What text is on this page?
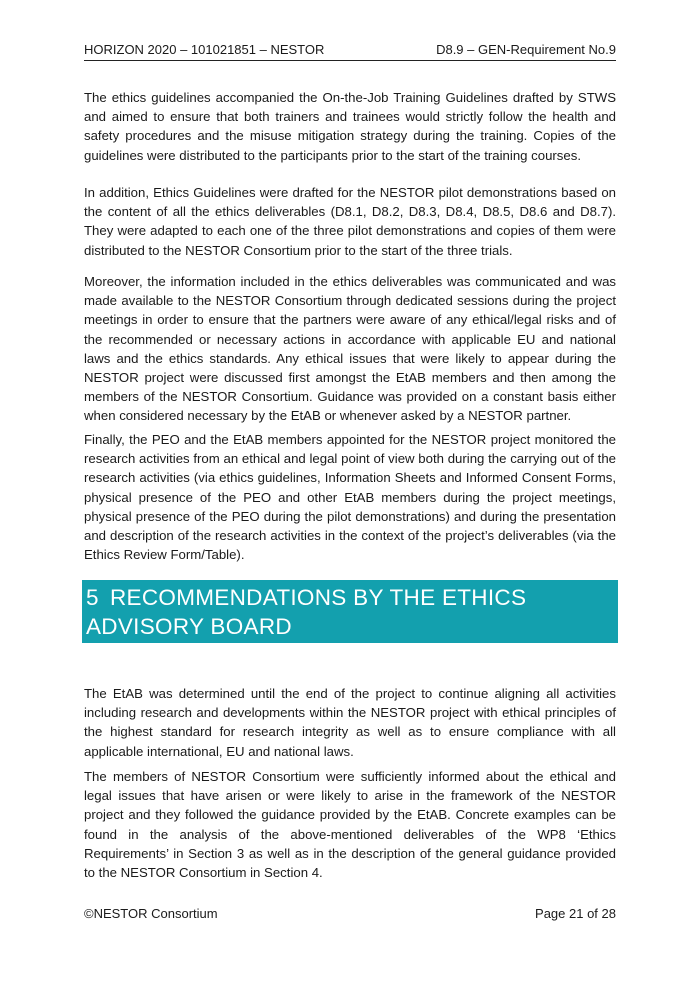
HORIZON 2020 – 101021851 – NESTOR	D8.9 – GEN-Requirement No.9

The ethics guidelines accompanied the On-the-Job Training Guidelines drafted by STWS and aimed to ensure that both trainers and trainees would strictly follow the health and safety procedures and the misuse mitigation strategy during the training. Copies of the guidelines were distributed to the participants prior to the start of the training courses.

In addition, Ethics Guidelines were drafted for the NESTOR pilot demonstrations based on the content of all the ethics deliverables (D8.1, D8.2, D8.3, D8.4, D8.5, D8.6 and D8.7). They were adapted to each one of the three pilot demonstrations and copies of them were distributed to the NESTOR Consortium prior to the start of the three trials.

Moreover, the information included in the ethics deliverables was communicated and was made available to the NESTOR Consortium through dedicated sessions during the project meetings in order to ensure that the partners were aware of any ethical/legal risks and of the recommended or necessary actions in accordance with applicable EU and national laws and the ethics standards. Any ethical issues that were likely to appear during the NESTOR project were discussed first amongst the EtAB members and then among the members of the NESTOR Consortium. Guidance was provided on a constant basis either when considered necessary by the EtAB or whenever asked by a NESTOR partner.

Finally, the PEO and the EtAB members appointed for the NESTOR project monitored the research activities from an ethical and legal point of view both during the carrying out of the research activities (via ethics guidelines, Information Sheets and Informed Consent Forms, physical presence of the PEO and other EtAB members during the project meetings, physical presence of the PEO during the pilot demonstrations) and during the presentation and description of the research activities in the context of the project’s deliverables (via the Ethics Review Form/Table).

5 RECOMMENDATIONS BY THE ETHICS ADVISORY BOARD

The EtAB was determined until the end of the project to continue aligning all activities including research and developments within the NESTOR project with ethical principles of the highest standard for research integrity as well as to ensure compliance with all applicable international, EU and national laws.

The members of NESTOR Consortium were sufficiently informed about the ethical and legal issues that have arisen or were likely to arise in the framework of the NESTOR project and they followed the guidance provided by the EtAB. Concrete examples can be found in the analysis of the above-mentioned deliverables of the WP8 ‘Ethics Requirements’ in Section 3 as well as in the description of the general guidance provided to the NESTOR Consortium in Section 4.

©NESTOR Consortium	Page 21 of 28
